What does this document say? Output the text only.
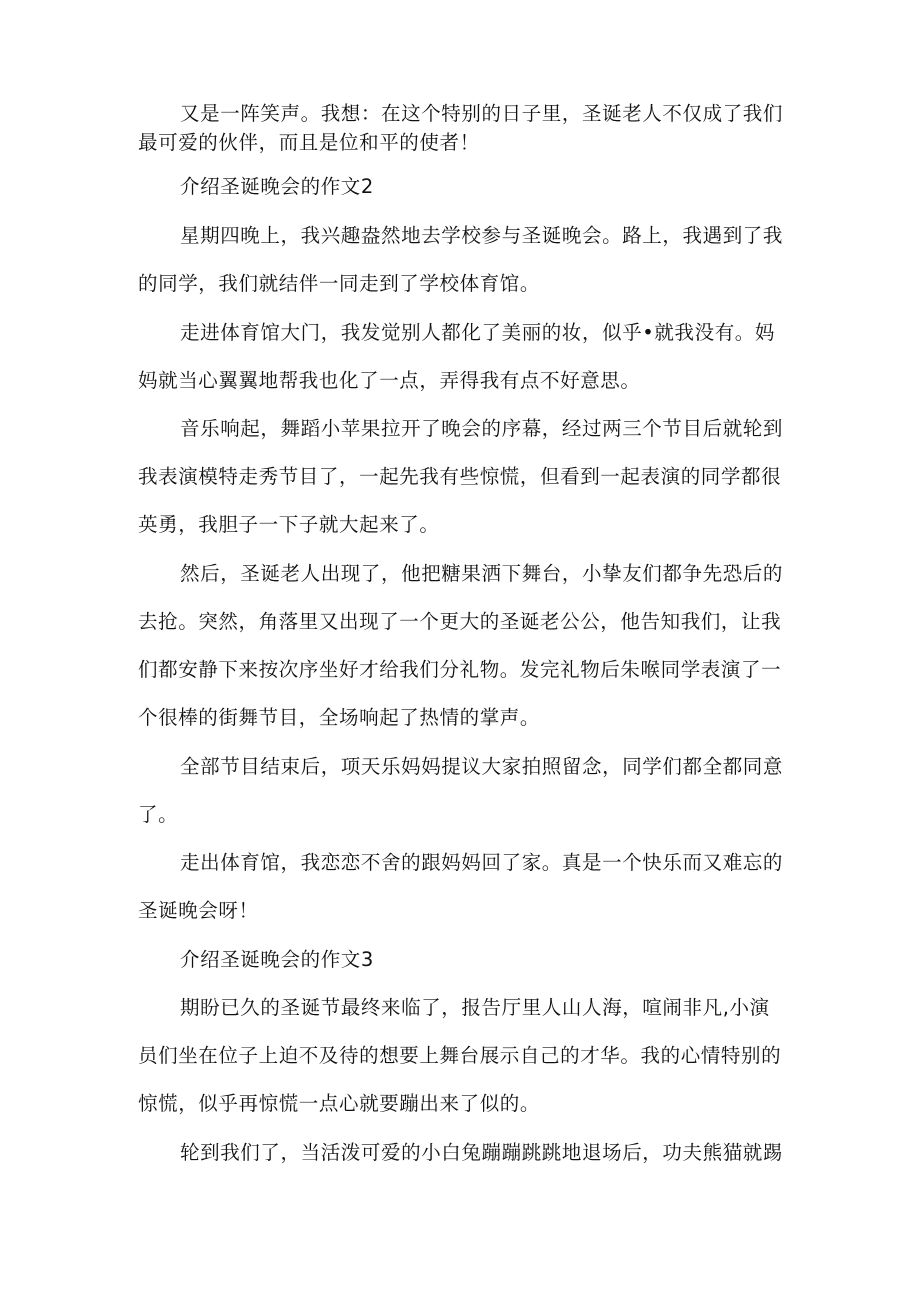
又是一阵笑声。我想：在这个特别的日子里，圣诞老人不仅成了我们
最可爱的伙伴，而且是位和平的使者！
介绍圣诞晚会的作文2
星期四晚上，我兴趣盎然地去学校参与圣诞晚会。路上，我遇到了我
的同学，我们就结伴一同走到了学校体育馆。
走进体育馆大门，我发觉别人都化了美丽的妆，似乎•就我没有。妈
妈就当心翼翼地帮我也化了一点，弄得我有点不好意思。
音乐响起，舞蹈小苹果拉开了晚会的序幕，经过两三个节目后就轮到
我表演模特走秀节目了，一起先我有些惊慌，但看到一起表演的同学都很
英勇，我胆子一下子就大起来了。
然后，圣诞老人出现了，他把糖果洒下舞台，小挚友们都争先恐后的
去抢。突然，角落里又出现了一个更大的圣诞老公公，他告知我们，让我
们都安静下来按次序坐好才给我们分礼物。发完礼物后朱喉同学表演了一
个很棒的街舞节目，全场响起了热情的掌声。
全部节目结束后，项天乐妈妈提议大家拍照留念，同学们都全都同意
了。
走出体育馆，我恋恋不舍的跟妈妈回了家。真是一个快乐而又难忘的
圣诞晚会呀！
介绍圣诞晚会的作文3
期盼已久的圣诞节最终来临了，报告厅里人山人海，喧闹非凡,小演
员们坐在位子上迫不及待的想要上舞台展示自己的才华。我的心情特别的
惊慌，似乎再惊慌一点心就要蹦出来了似的。
轮到我们了，当活泼可爱的小白兔蹦蹦跳跳地退场后，功夫熊猫就踢
